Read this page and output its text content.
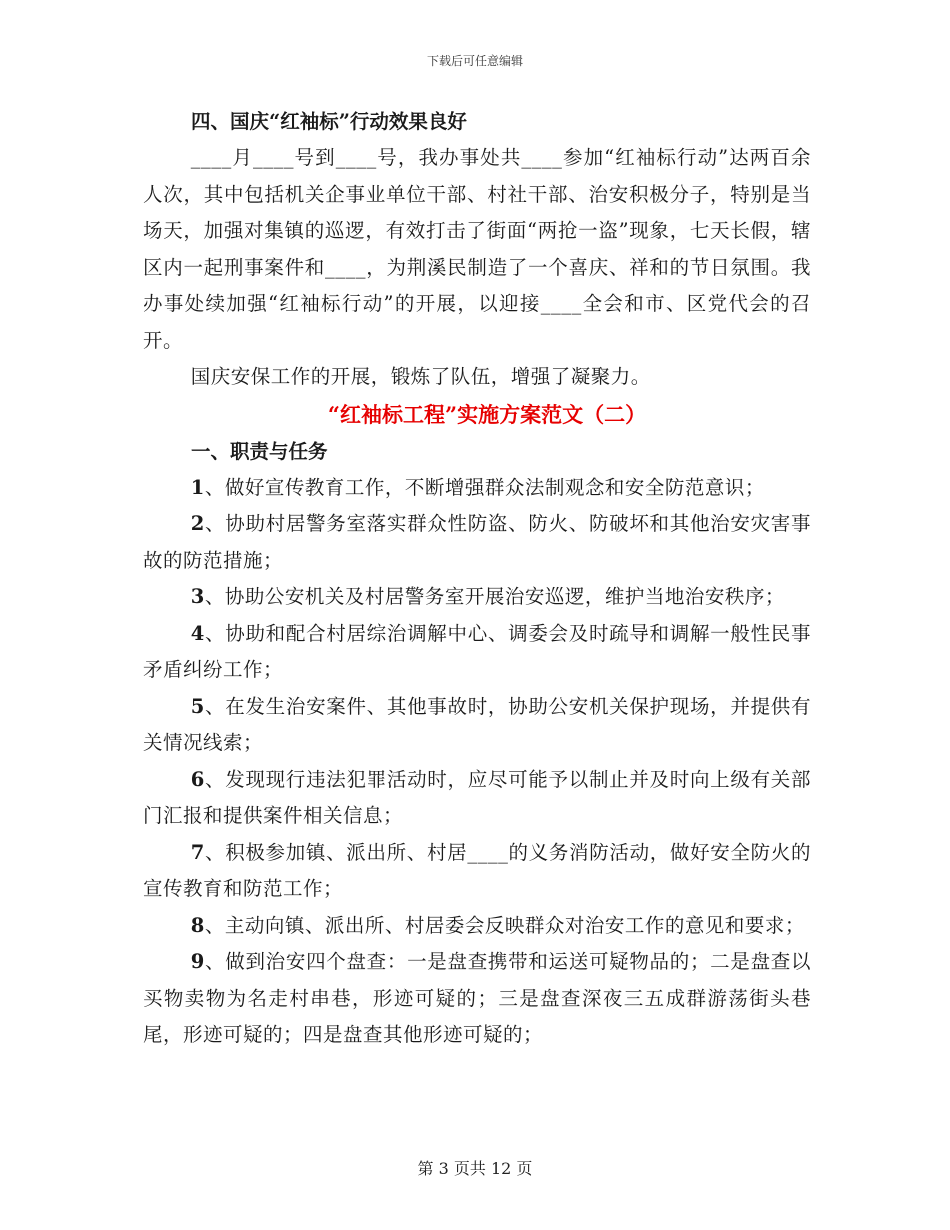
下载后可任意编辑

四、国庆“红袖标”行动效果良好

____月____号到____号，我办事处共____参加“红袖标行动”达两百余人次，其中包括机关企事业单位干部、村社干部、治安积极分子，特别是当场天，加强对集镇的巡逻，有效打击了街面“两抢一盗”现象，七天长假，辖区内一起刑事案件和____，为荆溪民制造了一个喜庆、祥和的节日氛围。我办事处续加强“红袖标行动”的开展，以迎接____全会和市、区党代会的召开。

国庆安保工作的开展，锻炼了队伍，增强了凝聚力。

“红袖标工程”实施方案范文（二）

一、职责与任务

1、做好宣传教育工作，不断增强群众法制观念和安全防范意识；

2、协助村居警务室落实群众性防盗、防火、防破坏和其他治安灾害事故的防范措施；

3、协助公安机关及村居警务室开展治安巡逻，维护当地治安秩序；

4、协助和配合村居综治调解中心、调委会及时疏导和调解一般性民事矛盾纠纷工作；

5、在发生治安案件、其他事故时，协助公安机关保护现场，并提供有关情况线索；

6、发现现行违法犯罪活动时，应尽可能予以制止并及时向上级有关部门汇报和提供案件相关信息；

7、积极参加镇、派出所、村居____的义务消防活动，做好安全防火的宣传教育和防范工作；

8、主动向镇、派出所、村居委会反映群众对治安工作的意见和要求；

9、做到治安四个盘查：一是盘查携带和运送可疑物品的；二是盘查以买物卖物为名走村串巷，形迹可疑的；三是盘查深夜三五成群游荡街头巷尾，形迹可疑的；四是盘查其他形迹可疑的；

第 3 页共 12 页
